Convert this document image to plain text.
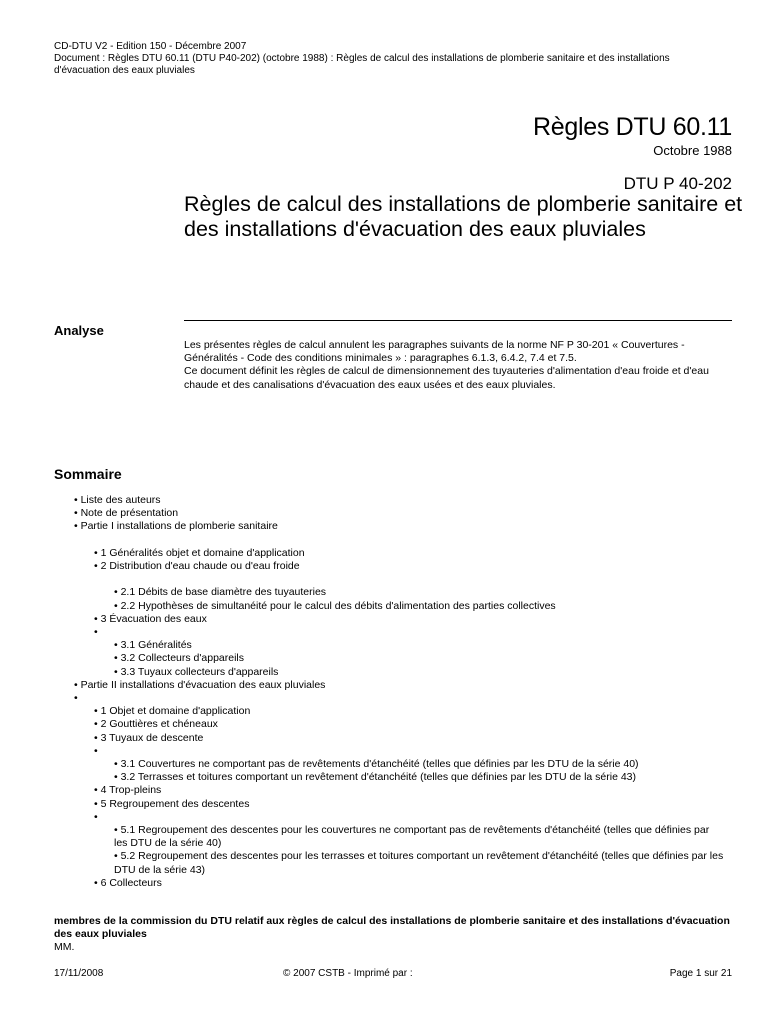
CD-DTU V2 - Edition 150 - Décembre 2007
Document : Règles DTU 60.11 (DTU P40-202) (octobre 1988) : Règles de calcul des installations de plomberie sanitaire et des installations
d'évacuation des eaux pluviales
Règles DTU 60.11
Octobre 1988
DTU P 40-202
Règles de calcul des installations de plomberie sanitaire et des installations d'évacuation des eaux pluviales
Analyse

Les présentes règles de calcul annulent les paragraphes suivants de la norme NF P 30-201 « Couvertures - Généralités - Code des conditions minimales » : paragraphes 6.1.3, 6.4.2, 7.4 et 7.5.

Ce document définit les règles de calcul de dimensionnement des tuyauteries d'alimentation d'eau froide et d'eau chaude et des canalisations d'évacuation des eaux usées et des eaux pluviales.

Sommaire
• Liste des auteurs
• Note de présentation
• Partie I installations de plomberie sanitaire
• 1 Généralités objet et domaine d'application
• 2 Distribution d'eau chaude ou d'eau froide
• 2.1 Débits de base diamètre des tuyauteries
• 2.2 Hypothèses de simultanéité pour le calcul des débits d'alimentation des parties collectives
• 3 Évacuation des eaux
•
• 3.1 Généralités
• 3.2 Collecteurs d'appareils
• 3.3 Tuyaux collecteurs d'appareils
• Partie II installations d'évacuation des eaux pluviales
•
• 1 Objet et domaine d'application
• 2 Gouttières et chéneaux
• 3 Tuyaux de descente
•
• 3.1 Couvertures ne comportant pas de revêtements d'étanchéité (telles que définies par les DTU de la série 40)
• 3.2 Terrasses et toitures comportant un revêtement d'étanchéité (telles que définies par les DTU de la série 43)
• 4 Trop-pleins
• 5 Regroupement des descentes
•
• 5.1 Regroupement des descentes pour les couvertures ne comportant pas de revêtements d'étanchéité (telles que définies par les DTU de la série 40)
• 5.2 Regroupement des descentes pour les terrasses et toitures comportant un revêtement d'étanchéité (telles que définies par les DTU de la série 43)
• 6 Collecteurs
membres de la commission du DTU relatif aux règles de calcul des installations de plomberie sanitaire et des installations d'évacuation des eaux pluviales
MM.
17/11/2008	© 2007 CSTB - Imprimé par :	Page 1 sur 21
